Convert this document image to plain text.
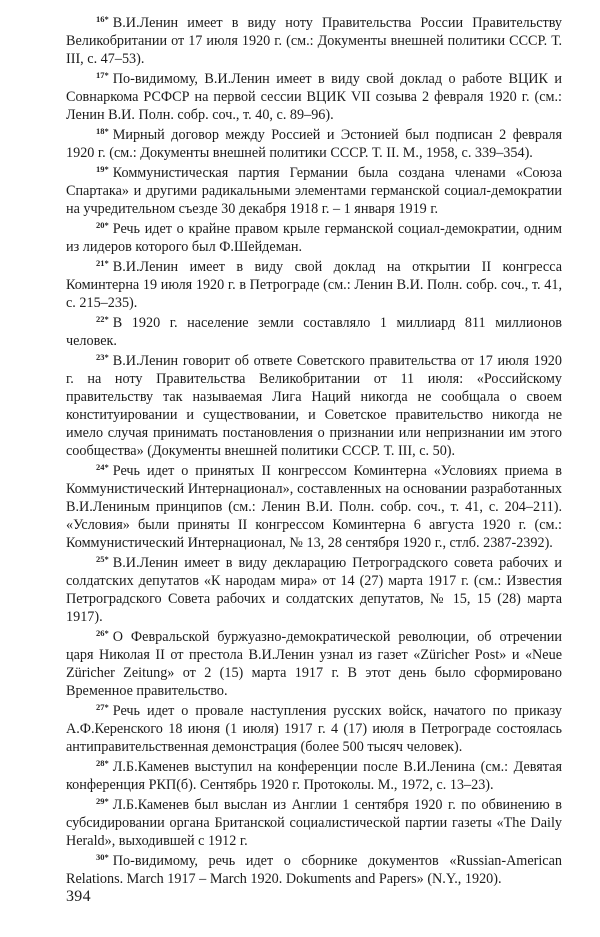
$^{16*}$ В.И.Ленин имеет в виду ноту Правительства России Правительству Великобритании от 17 июля 1920 г. (см.: Документы внешней политики СССР. Т. III, с. 47–53).

$^{17*}$ По-видимому, В.И.Ленин имеет в виду свой доклад о работе ВЦИК и Совнаркома РСФСР на первой сессии ВЦИК VII созыва 2 февраля 1920 г. (см.: Ленин В.И. Полн. собр. соч., т. 40, с. 89–96).

$^{18*}$ Мирный договор между Россией и Эстонией был подписан 2 февраля 1920 г. (см.: Документы внешней политики СССР. Т. II. М., 1958, с. 339–354).

$^{19*}$ Коммунистическая партия Германии была создана членами «Союза Спартака» и другими радикальными элементами германской социал-демократии на учредительном съезде 30 декабря 1918 г. – 1 января 1919 г.

$^{20*}$ Речь идет о крайне правом крыле германской социал-демократии, одним из лидеров которого был Ф.Шейдеман.

$^{21*}$ В.И.Ленин имеет в виду свой доклад на открытии II конгресса Коминтерна 19 июля 1920 г. в Петрограде (см.: Ленин В.И. Полн. собр. соч., т. 41, с. 215–235).

$^{22*}$ В 1920 г. население земли составляло 1 миллиард 811 миллионов человек.

$^{23*}$ В.И.Ленин говорит об ответе Советского правительства от 17 июля 1920 г. на ноту Правительства Великобритании от 11 июля: «Российскому правительству так называемая Лига Наций никогда не сообщала о своем конституировании и существовании, и Советское правительство никогда не имело случая принимать постановления о признании или непризнании им этого сообщества» (Документы внешней политики СССР. Т. III, с. 50).

$^{24*}$ Речь идет о принятых II конгрессом Коминтерна «Условиях приема в Коммунистический Интернационал», составленных на основании разработанных В.И.Лениным принципов (см.: Ленин В.И. Полн. собр. соч., т. 41, с. 204–211). «Условия» были приняты II конгрессом Коминтерна 6 августа 1920 г. (см.: Коммунистический Интернационал, № 13, 28 сентября 1920 г., стлб. 2387-2392).

$^{25*}$ В.И.Ленин имеет в виду декларацию Петроградского совета рабочих и солдатских депутатов «К народам мира» от 14 (27) марта 1917 г. (см.: Известия Петроградского Совета рабочих и солдатских депутатов, № 15, 15 (28) марта 1917).

$^{26*}$ О Февральской буржуазно-демократической революции, об отречении царя Николая II от престола В.И.Ленин узнал из газет «Züricher Post» и «Neue Züricher Zeitung» от 2 (15) марта 1917 г. В этот день было сформировано Временное правительство.

$^{27*}$ Речь идет о провале наступления русских войск, начатого по приказу А.Ф.Керенского 18 июня (1 июля) 1917 г. 4 (17) июля в Петрограде состоялась антиправительственная демонстрация (более 500 тысяч человек).

$^{28*}$ Л.Б.Каменев выступил на конференции после В.И.Ленина (см.: Девятая конференция РКП(б). Сентябрь 1920 г. Протоколы. М., 1972, с. 13–23).

$^{29*}$ Л.Б.Каменев был выслан из Англии 1 сентября 1920 г. по обвинению в субсидировании органа Британской социалистической партии газеты «The Daily Herald», выходившей с 1912 г.

$^{30*}$ По-видимому, речь идет о сборнике документов «Russian-American Relations. March 1917 – March 1920. Dokuments and Papers» (N.Y., 1920).

394
